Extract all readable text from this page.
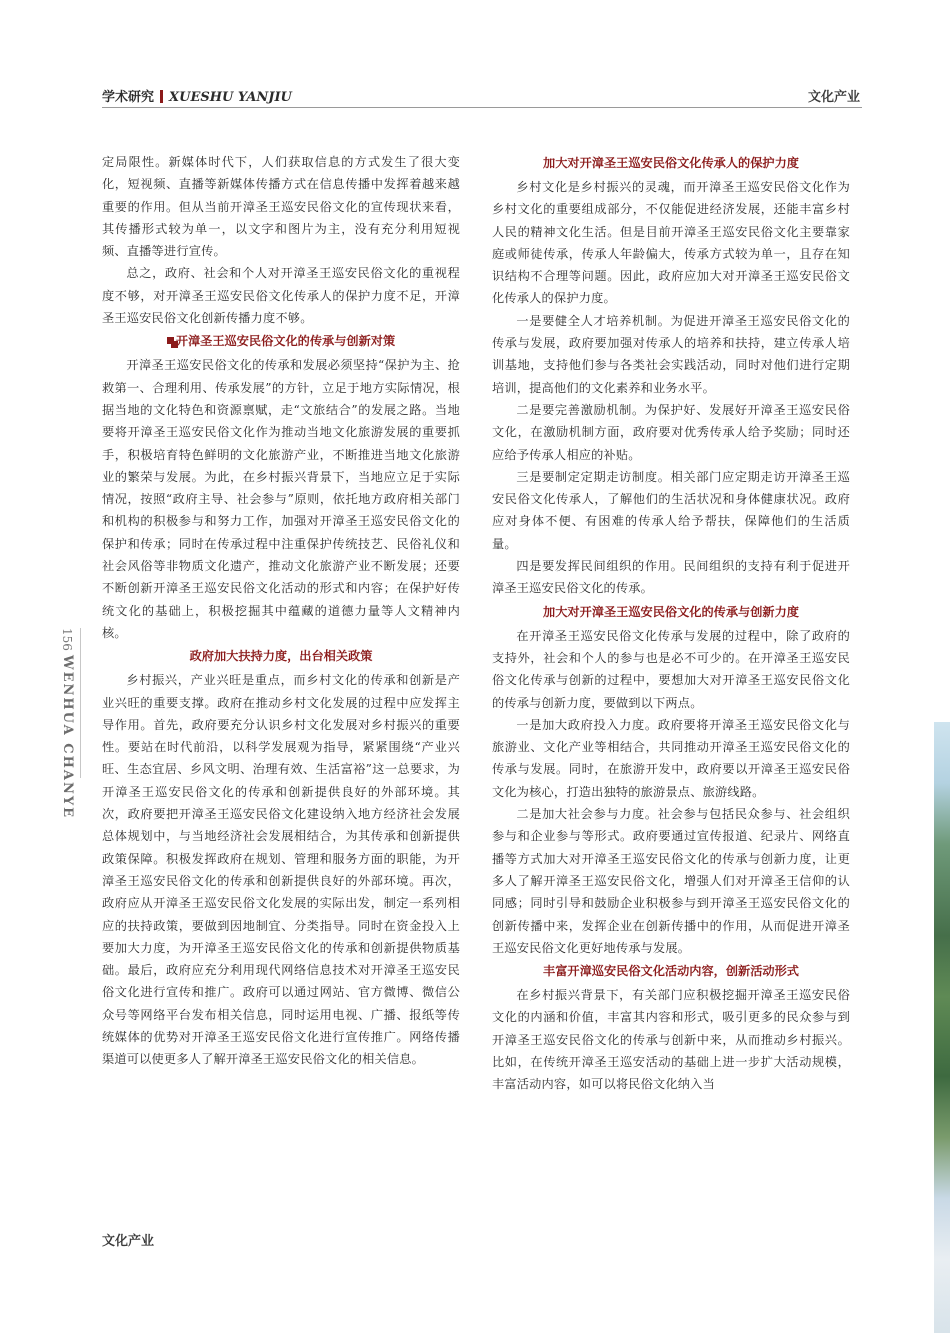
学术研究 XUESHU YANJIU	文化产业
156
WENHUA CHANYE

定局限性。新媒体时代下，人们获取信息的方式发生了很大变化，短视频、直播等新媒体传播方式在信息传播中发挥着越来越重要的作用。但从当前开漳圣王巡安民俗文化的宣传现状来看，其传播形式较为单一，以文字和图片为主，没有充分利用短视频、直播等进行宣传。

总之，政府、社会和个人对开漳圣王巡安民俗文化的重视程度不够，对开漳圣王巡安民俗文化传承人的保护力度不足，开漳圣王巡安民俗文化创新传播力度不够。

开漳圣王巡安民俗文化的传承与创新对策

开漳圣王巡安民俗文化的传承和发展必须坚持“保护为主、抢救第一、合理利用、传承发展”的方针，立足于地方实际情况，根据当地的文化特色和资源禀赋，走“文旅结合”的发展之路。当地要将开漳圣王巡安民俗文化作为推动当地文化旅游发展的重要抓手，积极培育特色鲜明的文化旅游产业，不断推进当地文化旅游业的繁荣与发展。为此，在乡村振兴背景下，当地应立足于实际情况，按照“政府主导、社会参与”原则，依托地方政府相关部门和机构的积极参与和努力工作，加强对开漳圣王巡安民俗文化的保护和传承；同时在传承过程中注重保护传统技艺、民俗礼仪和社会风俗等非物质文化遗产，推动文化旅游产业不断发展；还要不断创新开漳圣王巡安民俗文化活动的形式和内容；在保护好传统文化的基础上，积极挖掘其中蕴藏的道德力量等人文精神内核。

政府加大扶持力度，出台相关政策

乡村振兴，产业兴旺是重点，而乡村文化的传承和创新是产业兴旺的重要支撑。政府在推动乡村文化发展的过程中应发挥主导作用。首先，政府要充分认识乡村文化发展对乡村振兴的重要性。要站在时代前沿，以科学发展观为指导，紧紧围绕“产业兴旺、生态宜居、乡风文明、治理有效、生活富裕”这一总要求，为开漳圣王巡安民俗文化的传承和创新提供良好的外部环境。其次，政府要把开漳圣王巡安民俗文化建设纳入地方经济社会发展总体规划中，与当地经济社会发展相结合，为其传承和创新提供政策保障。积极发挥政府在规划、管理和服务方面的职能，为开漳圣王巡安民俗文化的传承和创新提供良好的外部环境。再次，政府应从开漳圣王巡安民俗文化发展的实际出发，制定一系列相应的扶持政策，要做到因地制宜、分类指导。同时在资金投入上要加大力度，为开漳圣王巡安民俗文化的传承和创新提供物质基础。最后，政府应充分利用现代网络信息技术对开漳圣王巡安民俗文化进行宣传和推广。政府可以通过网站、官方微博、微信公众号等网络平台发布相关信息，同时运用电视、广播、报纸等传统媒体的优势对开漳圣王巡安民俗文化进行宣传推广。网络传播渠道可以使更多人了解开漳圣王巡安民俗文化的相关信息。

加大对开漳圣王巡安民俗文化传承人的保护力度

乡村文化是乡村振兴的灵魂，而开漳圣王巡安民俗文化作为乡村文化的重要组成部分，不仅能促进经济发展，还能丰富乡村人民的精神文化生活。但是目前开漳圣王巡安民俗文化主要靠家庭或师徒传承，传承人年龄偏大，传承方式较为单一，且存在知识结构不合理等问题。因此，政府应加大对开漳圣王巡安民俗文化传承人的保护力度。

一是要健全人才培养机制。为促进开漳圣王巡安民俗文化的传承与发展，政府要加强对传承人的培养和扶持，建立传承人培训基地，支持他们参与各类社会实践活动，同时对他们进行定期培训，提高他们的文化素养和业务水平。

二是要完善激励机制。为保护好、发展好开漳圣王巡安民俗文化，在激励机制方面，政府要对优秀传承人给予奖励；同时还应给予传承人相应的补贴。

三是要制定定期走访制度。相关部门应定期走访开漳圣王巡安民俗文化传承人，了解他们的生活状况和身体健康状况。政府应对身体不便、有困难的传承人给予帮扶，保障他们的生活质量。

四是要发挥民间组织的作用。民间组织的支持有利于促进开漳圣王巡安民俗文化的传承。

加大对开漳圣王巡安民俗文化的传承与创新力度

在开漳圣王巡安民俗文化传承与发展的过程中，除了政府的支持外，社会和个人的参与也是必不可少的。在开漳圣王巡安民俗文化传承与创新的过程中，要想加大对开漳圣王巡安民俗文化的传承与创新力度，要做到以下两点。

一是加大政府投入力度。政府要将开漳圣王巡安民俗文化与旅游业、文化产业等相结合，共同推动开漳圣王巡安民俗文化的传承与发展。同时，在旅游开发中，政府要以开漳圣王巡安民俗文化为核心，打造出独特的旅游景点、旅游线路。

二是加大社会参与力度。社会参与包括民众参与、社会组织参与和企业参与等形式。政府要通过宣传报道、纪录片、网络直播等方式加大对开漳圣王巡安民俗文化的传承与创新力度，让更多人了解开漳圣王巡安民俗文化，增强人们对开漳圣王信仰的认同感；同时引导和鼓励企业积极参与到开漳圣王巡安民俗文化的创新传播中来，发挥企业在创新传播中的作用，从而促进开漳圣王巡安民俗文化更好地传承与发展。

丰富开漳巡安民俗文化活动内容，创新活动形式

在乡村振兴背景下，有关部门应积极挖掘开漳圣王巡安民俗文化的内涵和价值，丰富其内容和形式，吸引更多的民众参与到开漳圣王巡安民俗文化的传承与创新中来，从而推动乡村振兴。比如，在传统开漳圣王巡安活动的基础上进一步扩大活动规模，丰富活动内容，如可以将民俗文化纳入当

文化产业
